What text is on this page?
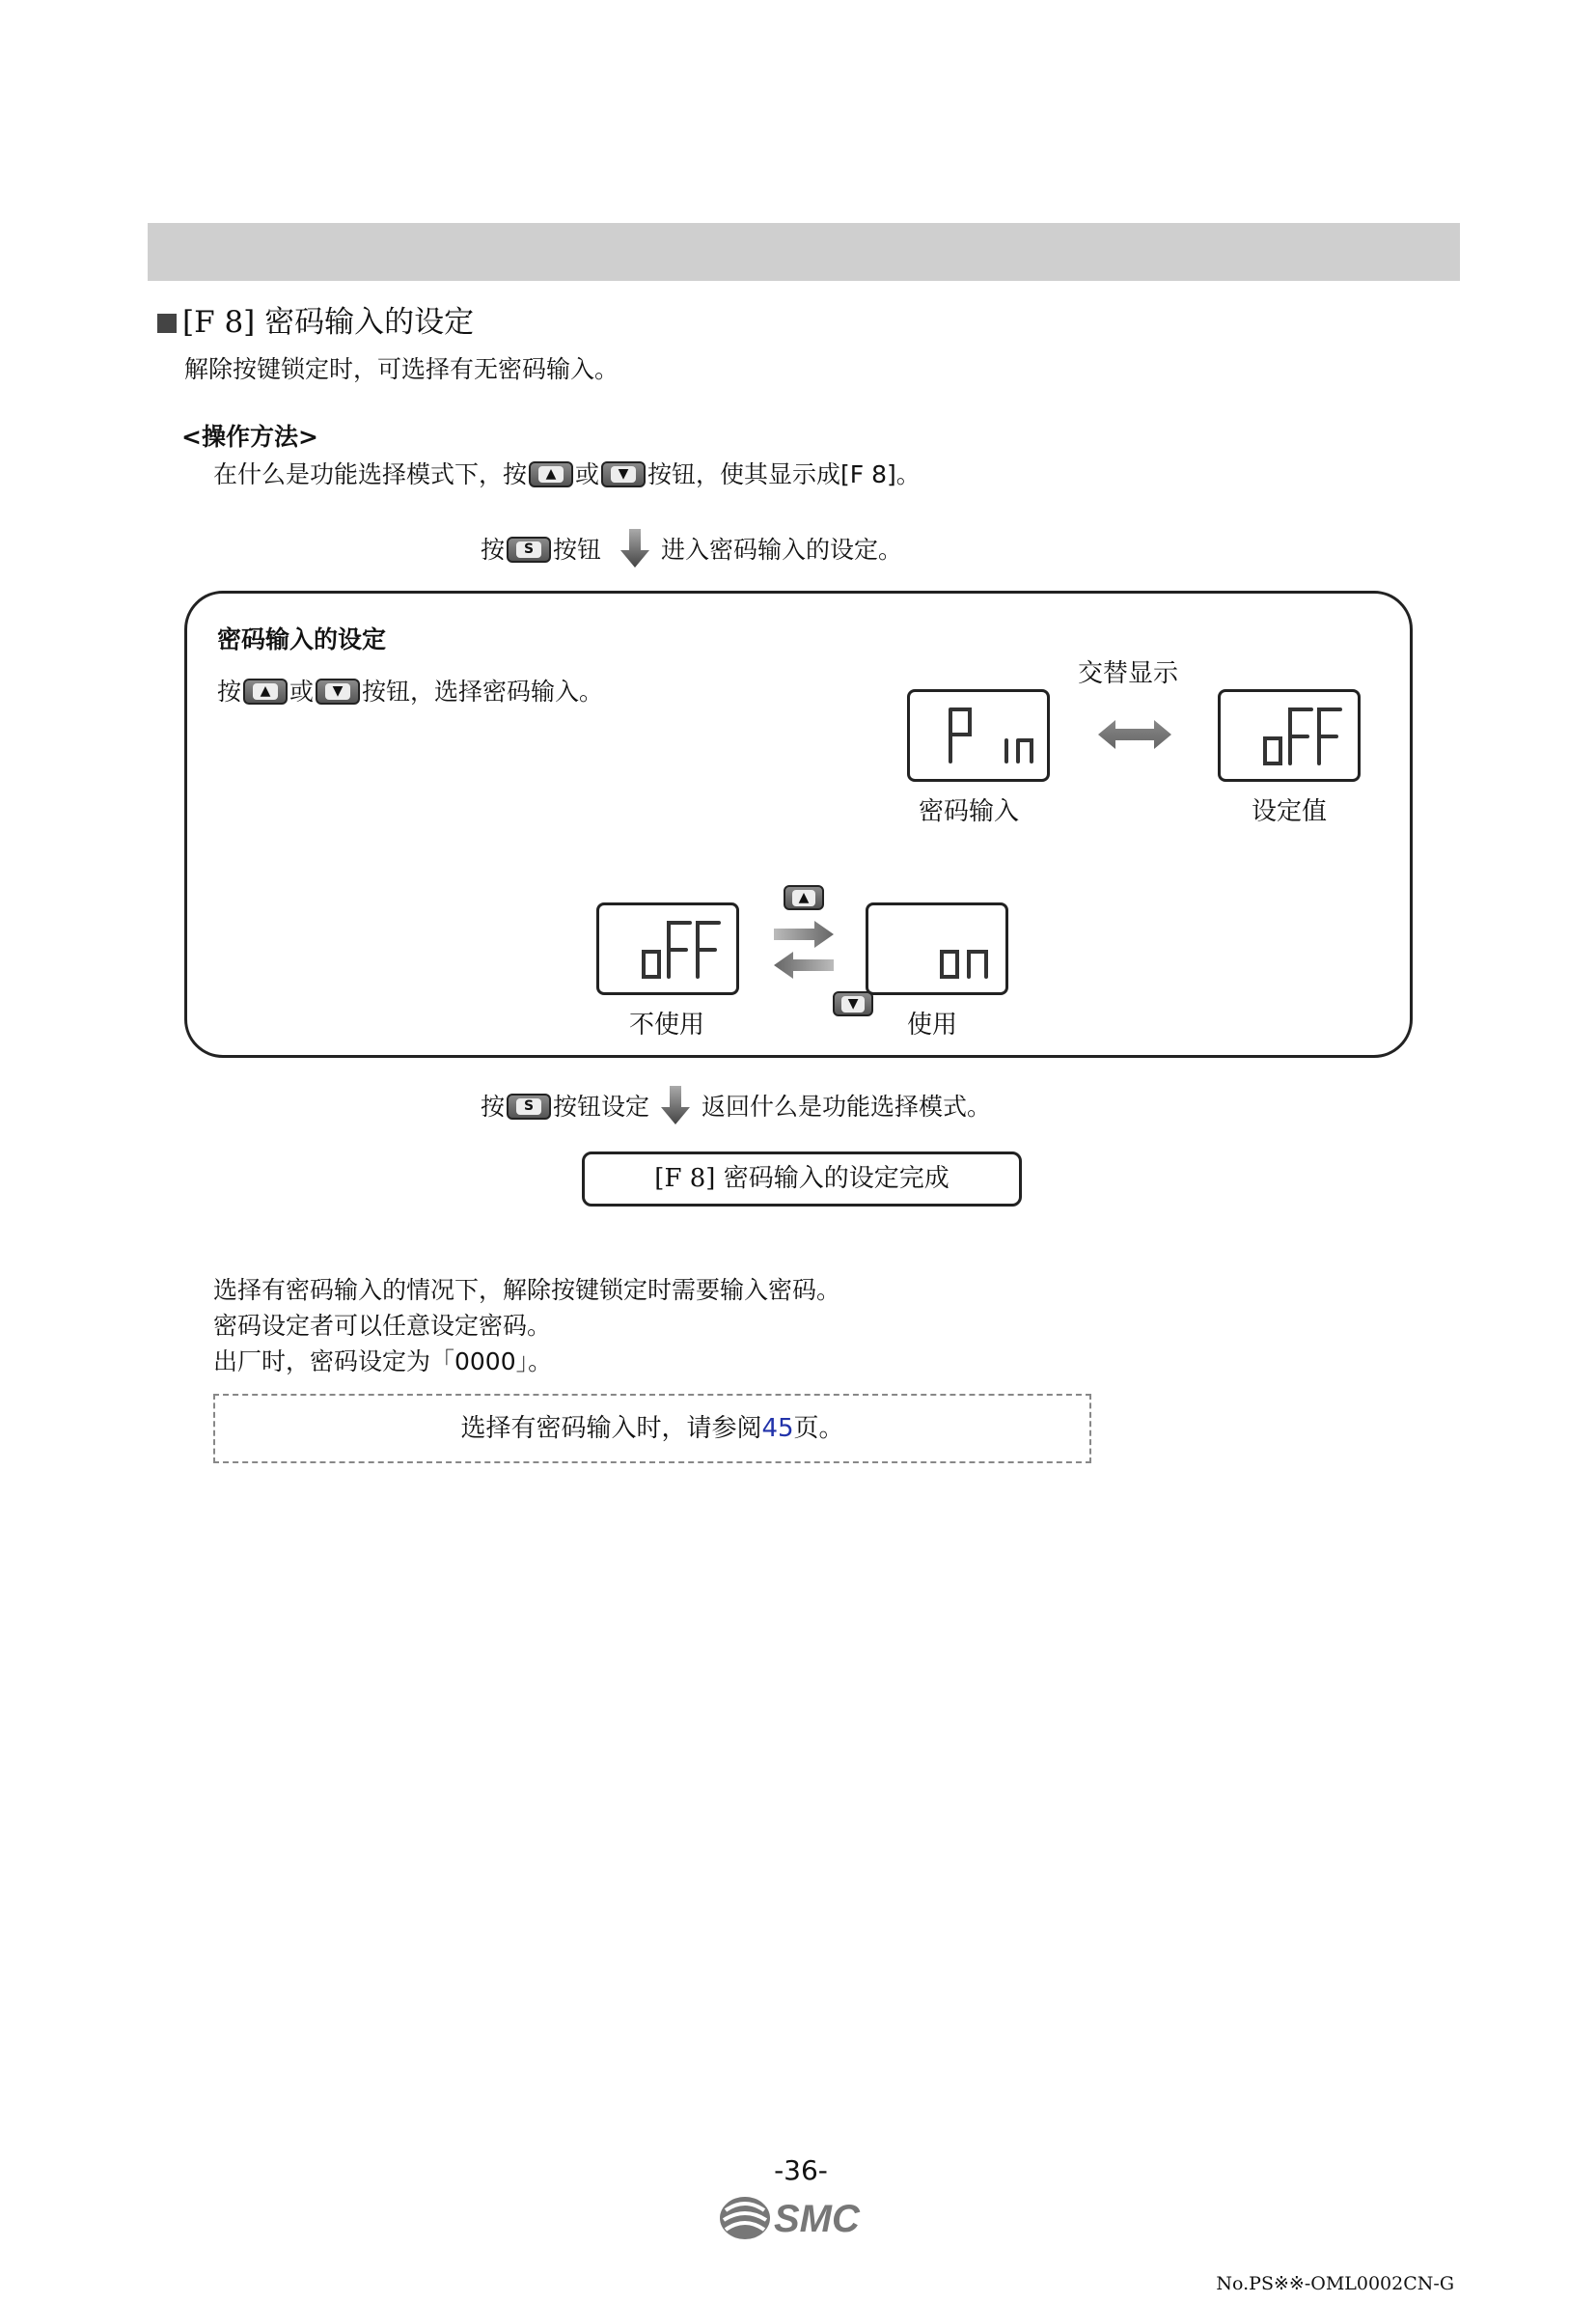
[F 8] 密码输入的设定
解除按键锁定时，可选择有无密码输入。
<操作方法>
在什么是功能选择模式下，按	▲ 或	▼ 按钮，使其显示成[F 8]。
按	S 按钮 进入密码输入的设定。
密码输入的设定
按	▲ 或	▼ 按钮，选择密码输入。
交替显示
P in
密码输入	设定值
▲

▼
不使用	使用
按	S 按钮设定 返回什么是功能选择模式。
[F 8] 密码输入的设定完成
选择有密码输入的情况下，解除按键锁定时需要输入密码。
密码设定者可以任意设定密码。
出厂时，密码设定为「0000」。
选择有密码输入时，请参阅45页。
-36-
SMC
No.PS※※-OML0002CN-G
